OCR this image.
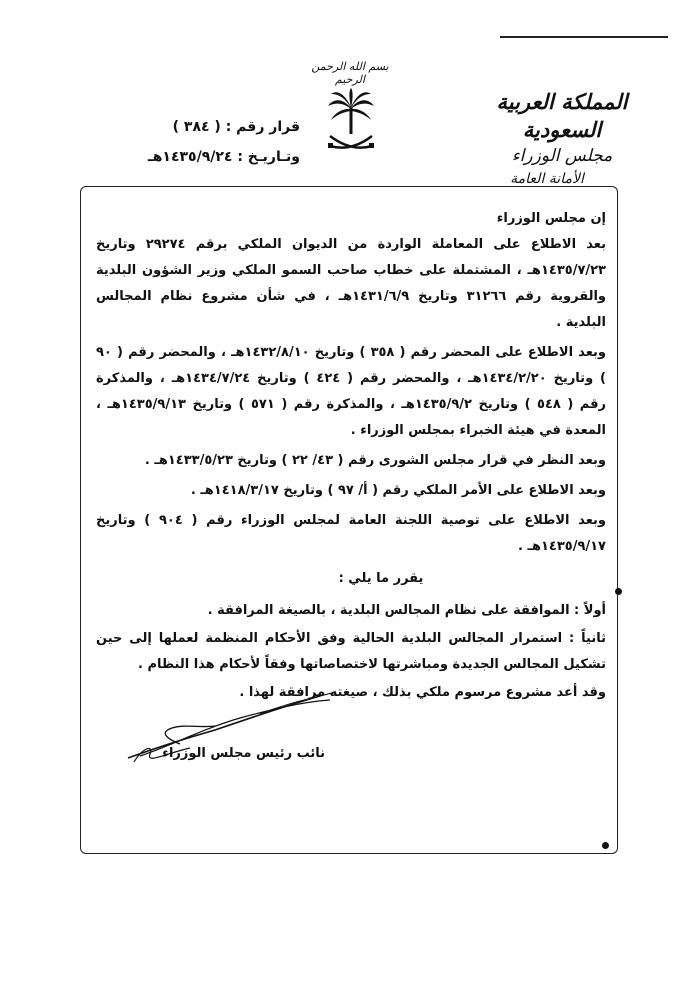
بسم الله الرحمن الرحيم
المملكة العربية السعودية
مجلس الوزراء
الأمانة العامة
قرار رقم : ( ٣٨٤ )
وتـاريـخ : ١٤٣٥/٩/٢٤هـ

إن مجلس الوزراء

بعد الاطلاع على المعاملة الواردة من الديوان الملكي برقم ٢٩٢٧٤ وتاريخ ١٤٣٥/٧/٢٣هـ ، المشتملة على خطاب صاحب السمو الملكي وزير الشؤون البلدية والقروية رقم ٣١٢٦٦ وتاريخ ١٤٣١/٦/٩هـ ، في شأن مشروع نظام المجالس البلدية .

وبعد الاطلاع على المحضر رقم ( ٣٥٨ ) وتاريخ ١٤٣٢/٨/١٠هـ ، والمحضر رقم ( ٩٠ ) وتاريخ ١٤٣٤/٢/٢٠هـ ، والمحضر رقم ( ٤٢٤ ) وتاريخ ١٤٣٤/٧/٢٤هـ ، والمذكرة رقم ( ٥٤٨ ) وتاريخ ١٤٣٥/٩/٢هـ ، والمذكرة رقم ( ٥٧١ ) وتاريخ ١٤٣٥/٩/١٣هـ ، المعدة في هيئة الخبراء بمجلس الوزراء .

وبعد النظر في قرار مجلس الشورى رقم ( ٤٣/ ٢٢ ) وتاريخ ١٤٣٣/٥/٢٣هـ .

وبعد الاطلاع على الأمر الملكي رقم ( أ/ ٩٧ ) وتاريخ ١٤١٨/٣/١٧هـ .

وبعد الاطلاع على توصية اللجنة العامة لمجلس الوزراء رقم ( ٩٠٤ ) وتاريخ ١٤٣٥/٩/١٧هـ .

يقرر ما يلي :

أولاً : الموافقة على نظام المجالس البلدية ، بالصيغة المرافقة .

ثانياً : استمرار المجالس البلدية الحالية وفق الأحكام المنظمة لعملها إلى حين تشكيل المجالس الجديدة ومباشرتها لاختصاصاتها وفقاً لأحكام هذا النظام .

وقد أعد مشروع مرسوم ملكي بذلك ، صيغته مرافقة لهذا .

نائب رئيس مجلس الوزراء
